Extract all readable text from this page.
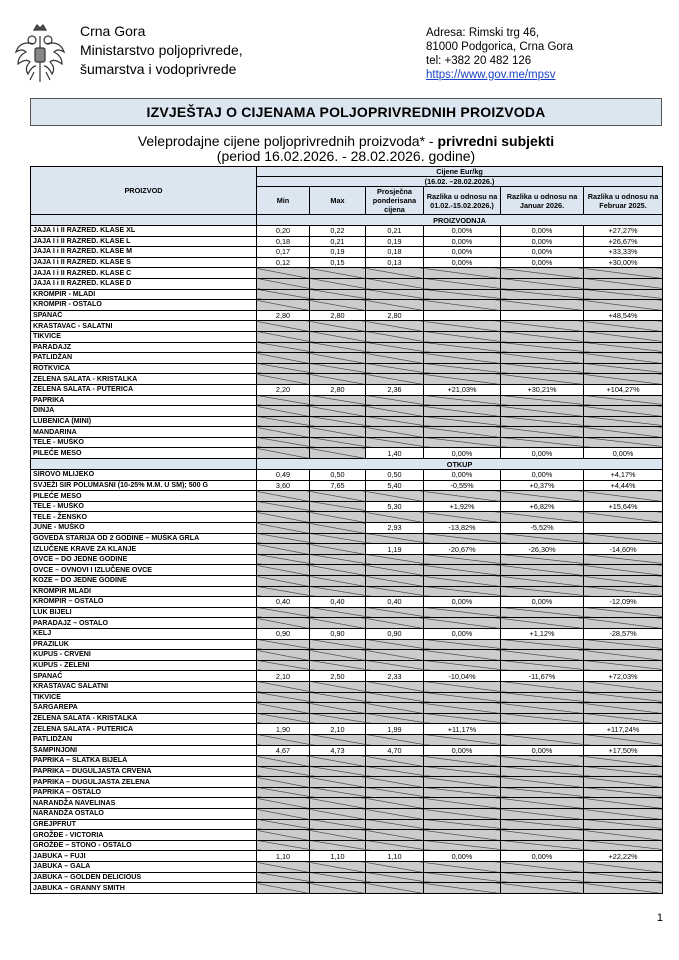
Crna Gora
Ministarstvo poljoprivrede,
šumarstva i vodoprivrede
Adresa: Rimski trg 46,
81000 Podgorica, Crna Gora
tel: +382 20 482 126
https://www.gov.me/mpsv
IZVJEŠTAJ O CIJENAMA POLJOPRIVREDNIH PROIZVODA
Veleprodajne cijene poljoprivrednih proizvoda* - privredni subjekti
(period 16.02.2026. - 28.02.2026. godine)
PROIZVOD	Cijene Eur/kg					
	(16.02. –28.02.2026.)					
	Min	Max	Prosječna ponderisana cijena	Razlika u odnosu na 01.02.-15.02.2026.)	Razlika u odnosu na Januar 2026.	Razlika u odnosu na Februar 2025.
	PROIZVODNJA					
JAJA I i II RAZRED. KLASE XL	0,20	0,22	0,21	0,00%	0,00%	+27,27%
JAJA I i II RAZRED. KLASE L	0,18	0,21	0,19	0,00%	0,00%	+26,67%
JAJA I i II RAZRED. KLASE M	0,17	0,19	0,18	0,00%	0,00%	+33,33%
JAJA I i II RAZRED. KLASE S	0,12	0,15	0,13	0,00%	0,00%	+30,00%
JAJA I i II RAZRED. KLASE C						
JAJA I i II RAZRED. KLASE D						
KROMPIR - MLADI						
KROMPIR - OSTALO						
SPANAĆ	2,80	2,80	2,80			+48,54%
KRASTAVAC - SALATNI						
TIKVICE						
PARADAJZ						
PATLIDŽAN						
ROTKVICA						
ZELENA SALATA - KRISTALKA						
ZELENA SALATA - PUTERICA	2,20	2,80	2,36	+21,03%	+30,21%	+104,27%
PAPRIKA						
DINJA						
LUBENICA (MINI)						
MANDARINA						
TELE - MUŠKO						
PILEĆE MESO			1,40	0,00%	0,00%	0,00%
	OTKUP					
SIROVO MLIJEKO	0,49	0,50	0,50	0,00%	0,00%	+4,17%
SVJEŽI SIR POLUMASNI (10-25% M.M. U SM); 500 G	3,60	7,65	5,40	-0,55%	+0,37%	+4,44%
PILEĆE MESO						
TELE - MUŠKO			5,30	+1,92%	+6,82%	+15,64%
TELE - ŽENSKO						
JUNE - MUŠKO			2,93	-13,82%	-5,52%	
GOVEDA STARIJA OD 2 GODINE – MUŠKA GRLA						
IZLUČENE KRAVE ZA KLANJE			1,19	-20,67%	-26,30%	-14,60%
OVCE – DO JEDNE GODINE						
OVCE – OVNOVI I IZLUČENE OVCE						
KOZE – DO JEDNE GODINE						
KROMPIR MLADI						
KROMPIR – OSTALO	0,40	0,40	0,40	0,00%	0,00%	-12,09%
LUK BIJELI						
PARADAJZ – OSTALO						
KELJ	0,90	0,90	0,90	0,00%	+1,12%	-28,57%
PRAZILUK						
KUPUS - CRVENI						
KUPUS - ZELENI						
SPANAĆ	2,10	2,50	2,33	-10,04%	-11,67%	+72,03%
KRASTAVAC SALATNI						
TIKVICE						
ŠARGAREPA						
ZELENA SALATA - KRISTALKA						
ZELENA SALATA - PUTERICA	1,90	2,10	1,99	+11,17%		+117,24%
PATLIDŽAN						
ŠAMPINJONI	4,67	4,73	4,70	0,00%	0,00%	+17,50%
PAPRIKA – SLATKA BIJELA						
PAPRIKA – DUGULJASTA CRVENA						
PAPRIKA – DUGULJASTA ZELENA						
PAPRIKA – OSTALO						
NARANDŽA NAVELINAS						
NARANDŽA OSTALO						
GREJPFRUT						
GROŽĐE - VICTORIA						
GROŽĐE – STONO - OSTALO						
JABUKA – FUJI	1,10	1,10	1,10	0,00%	0,00%	+22,22%
JABUKA – GALA						
JABUKA – GOLDEN DELICIOUS						
JABUKA – GRANNY SMITH						
1
